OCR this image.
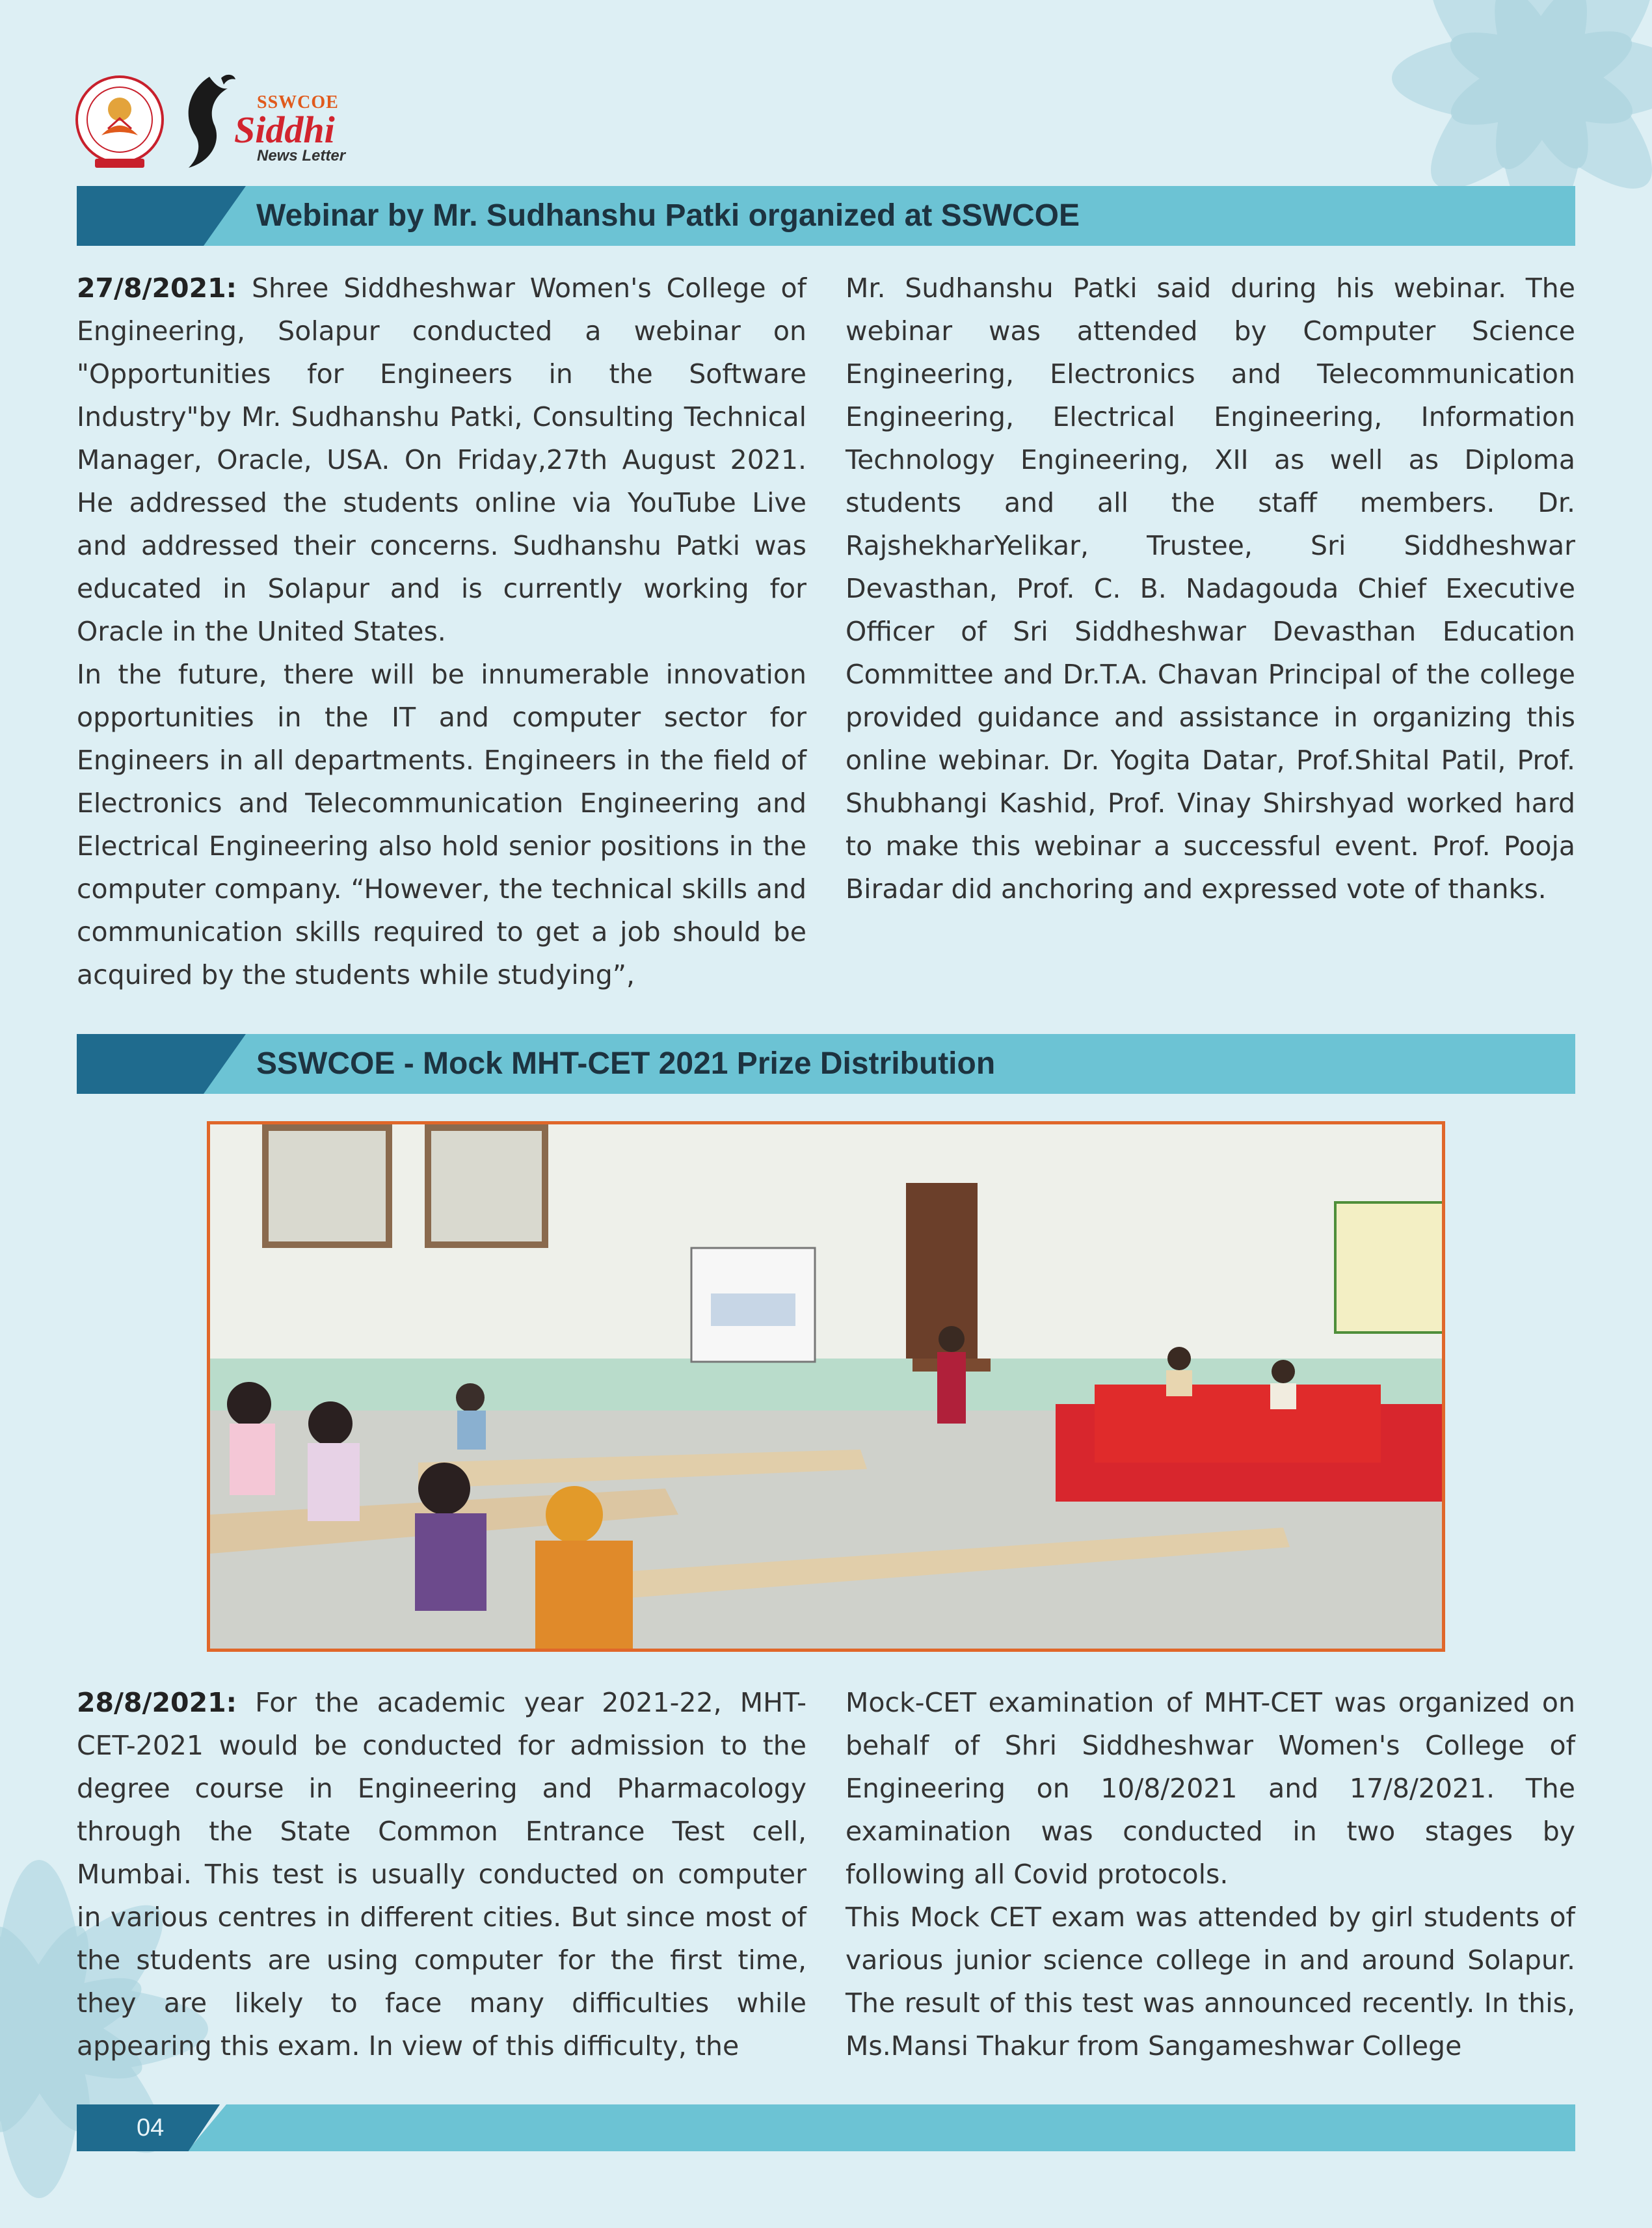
SSWCOE
Siddhi
News Letter
Webinar by Mr. Sudhanshu Patki organized at SSWCOE

27/8/2021: Shree Siddheshwar Women's College of Engineering, Solapur conducted a webinar on "Opportunities for Engineers in the Software Industry"by Mr. Sudhanshu Patki, Consulting Technical Manager, Oracle, USA. On Friday,27th August 2021. He addressed the students online via YouTube Live and addressed their concerns. Sudhanshu Patki was educated in Solapur and is currently working for Oracle in the United States.

In the future, there will be innumerable innovation opportunities in the IT and computer sector for Engineers in all departments. Engineers in the field of Electronics and Telecommunication Engineering and Electrical Engineering also hold senior positions in the computer company. “However, the technical skills and communication skills required to get a job should be acquired by the students while studying”,

Mr. Sudhanshu Patki said during his webinar. The webinar was attended by Computer Science Engineering, Electronics and Telecommunication Engineering, Electrical Engineering, Information Technology Engineering, XII as well as Diploma students and all the staff members. Dr. RajshekharYelikar, Trustee, Sri Siddheshwar Devasthan, Prof. C. B. Nadagouda Chief Executive Officer of Sri Siddheshwar Devasthan Education Committee and Dr.T.A. Chavan Principal of the college provided guidance and assistance in organizing this online webinar. Dr. Yogita Datar, Prof.Shital Patil, Prof. Shubhangi Kashid, Prof. Vinay Shirshyad worked hard to make this webinar a successful event. Prof. Pooja Biradar did anchoring and expressed vote of thanks.

SSWCOE - Mock MHT-CET 2021 Prize Distribution

28/8/2021: For the academic year 2021-22, MHT-CET-2021 would be conducted for admission to the degree course in Engineering and Pharmacology through the State Common Entrance Test cell, Mumbai. This test is usually conducted on computer in various centres in different cities. But since most of the students are using computer for the first time, they are likely to face many difficulties while appearing this exam. In view of this difficulty, the

Mock-CET examination of MHT-CET was organized on behalf of Shri Siddheshwar Women's College of Engineering on 10/8/2021 and 17/8/2021. The examination was conducted in two stages by following all Covid protocols.

This Mock CET exam was attended by girl students of various junior science college in and around Solapur. The result of this test was announced recently. In this, Ms.Mansi Thakur from Sangameshwar College

04
